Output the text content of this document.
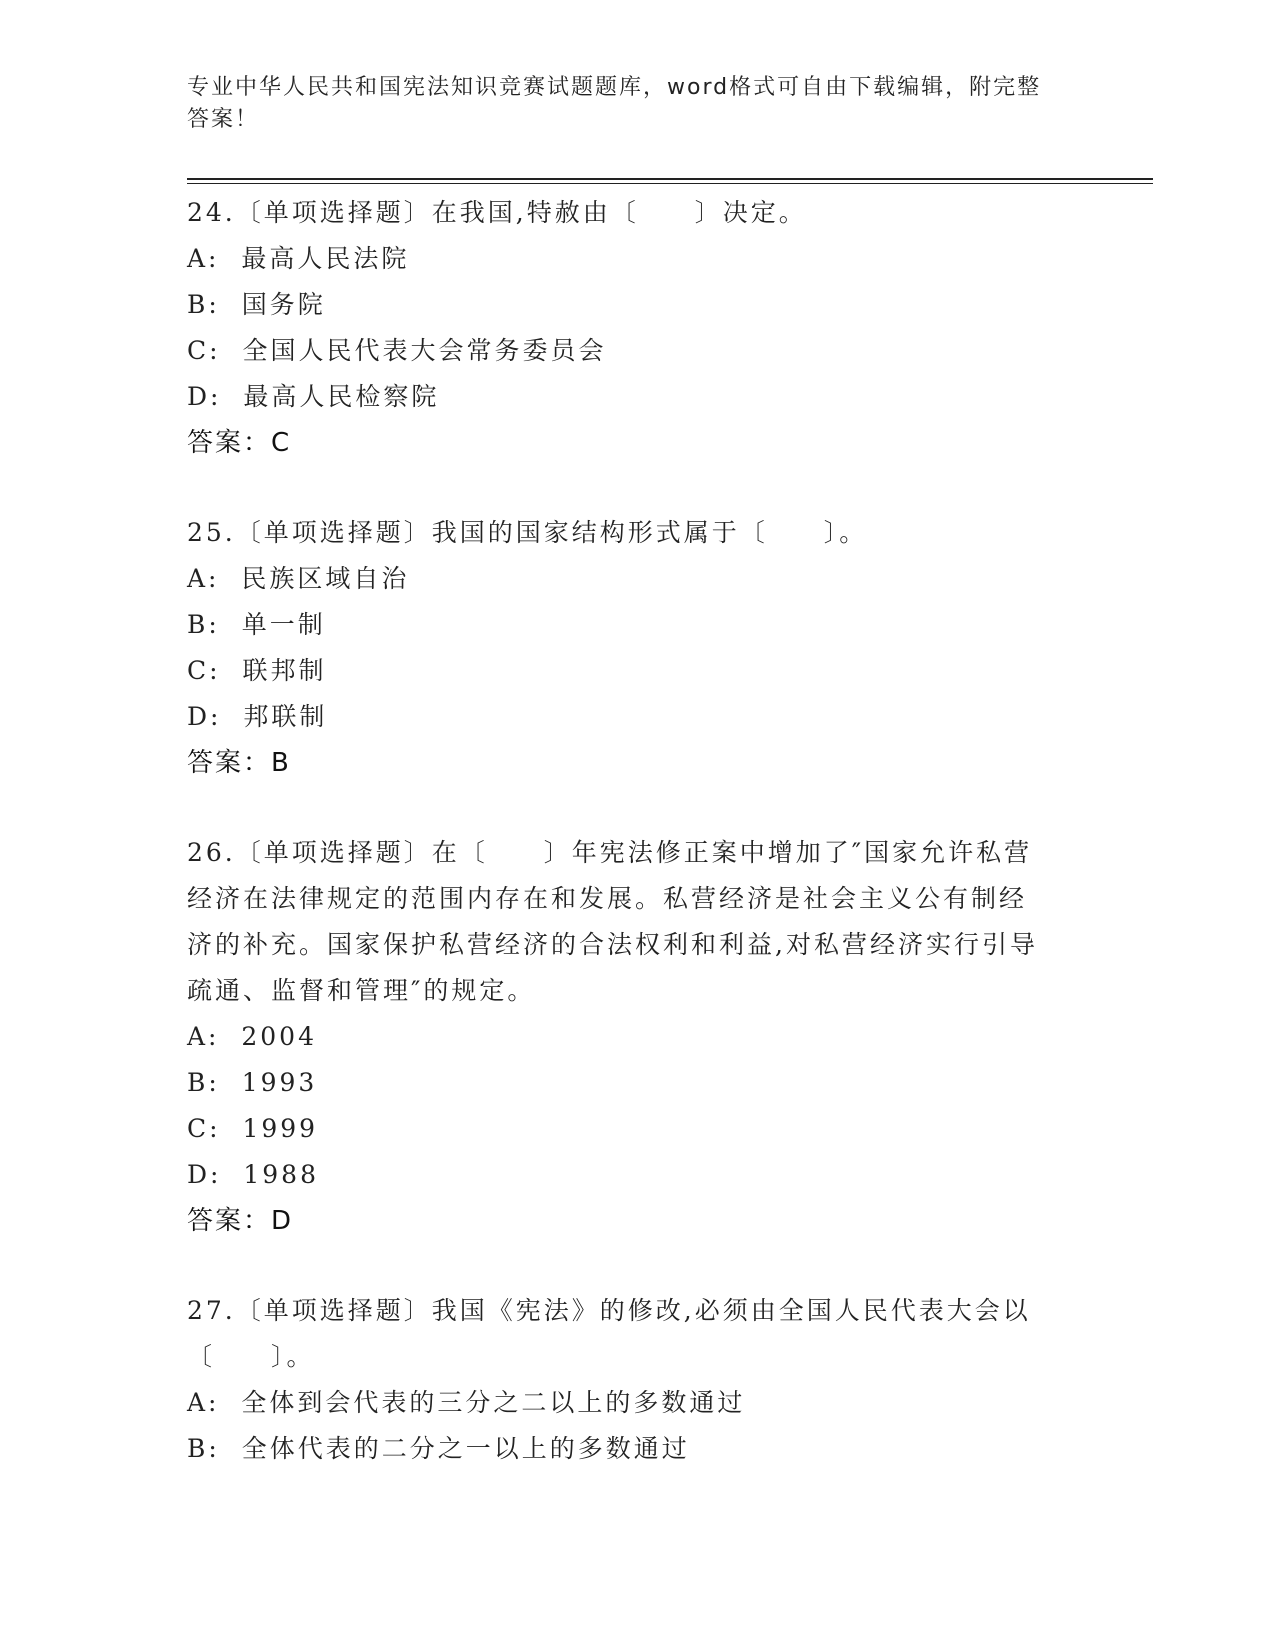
专业中华人民共和国宪法知识竞赛试题题库，word格式可自由下载编辑，附完整
答案！
24.〔单项选择题〕在我国,特赦由〔　　〕决定。
A:  最高人民法院
B:  国务院
C:  全国人民代表大会常务委员会
D:  最高人民检察院
答案：C
25.〔单项选择题〕我国的国家结构形式属于〔　　〕。
A:  民族区域自治
B:  单一制
C:  联邦制
D:  邦联制
答案：B
26.〔单项选择题〕在〔　　〕年宪法修正案中增加了″国家允许私营
经济在法律规定的范围内存在和发展。私营经济是社会主义公有制经
济的补充。国家保护私营经济的合法权利和利益,对私营经济实行引导
疏通、监督和管理″的规定。
A:  2004
B:  1993
C:  1999
D:  1988
答案：D
27.〔单项选择题〕我国《宪法》的修改,必须由全国人民代表大会以
〔　　〕。
A:  全体到会代表的三分之二以上的多数通过
B:  全体代表的二分之一以上的多数通过
